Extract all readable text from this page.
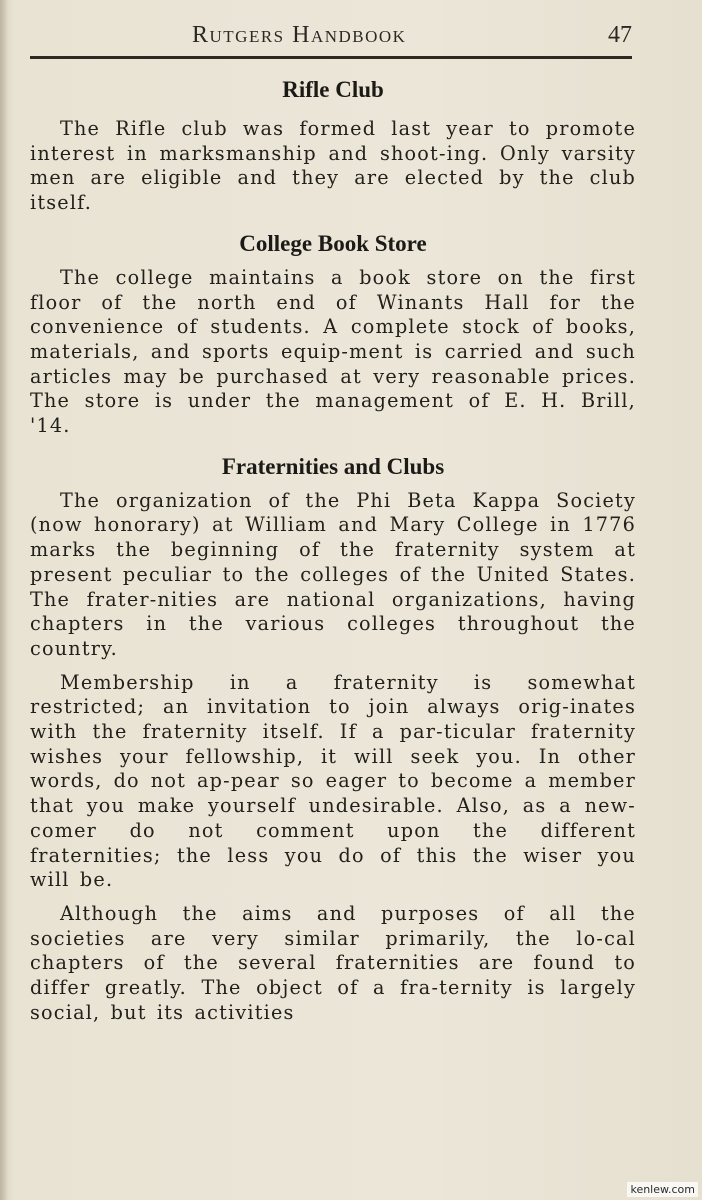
Rutgers Handbook	47
Rifle Club

The Rifle club was formed last year to promote interest in marksmanship and shoot-ing. Only varsity men are eligible and they are elected by the club itself.

College Book Store

The college maintains a book store on the first floor of the north end of Winants Hall for the convenience of students. A complete stock of books, materials, and sports equip-ment is carried and such articles may be purchased at very reasonable prices. The store is under the management of E. H. Brill, '14.

Fraternities and Clubs

The organization of the Phi Beta Kappa Society (now honorary) at William and Mary College in 1776 marks the beginning of the fraternity system at present peculiar to the colleges of the United States. The frater-nities are national organizations, having chapters in the various colleges throughout the country.

Membership in a fraternity is somewhat restricted; an invitation to join always orig-inates with the fraternity itself. If a par-ticular fraternity wishes your fellowship, it will seek you. In other words, do not ap-pear so eager to become a member that you make yourself undesirable. Also, as a new-comer do not comment upon the different fraternities; the less you do of this the wiser you will be.

Although the aims and purposes of all the societies are very similar primarily, the lo-cal chapters of the several fraternities are found to differ greatly. The object of a fra-ternity is largely social, but its activities

kenlew.com
